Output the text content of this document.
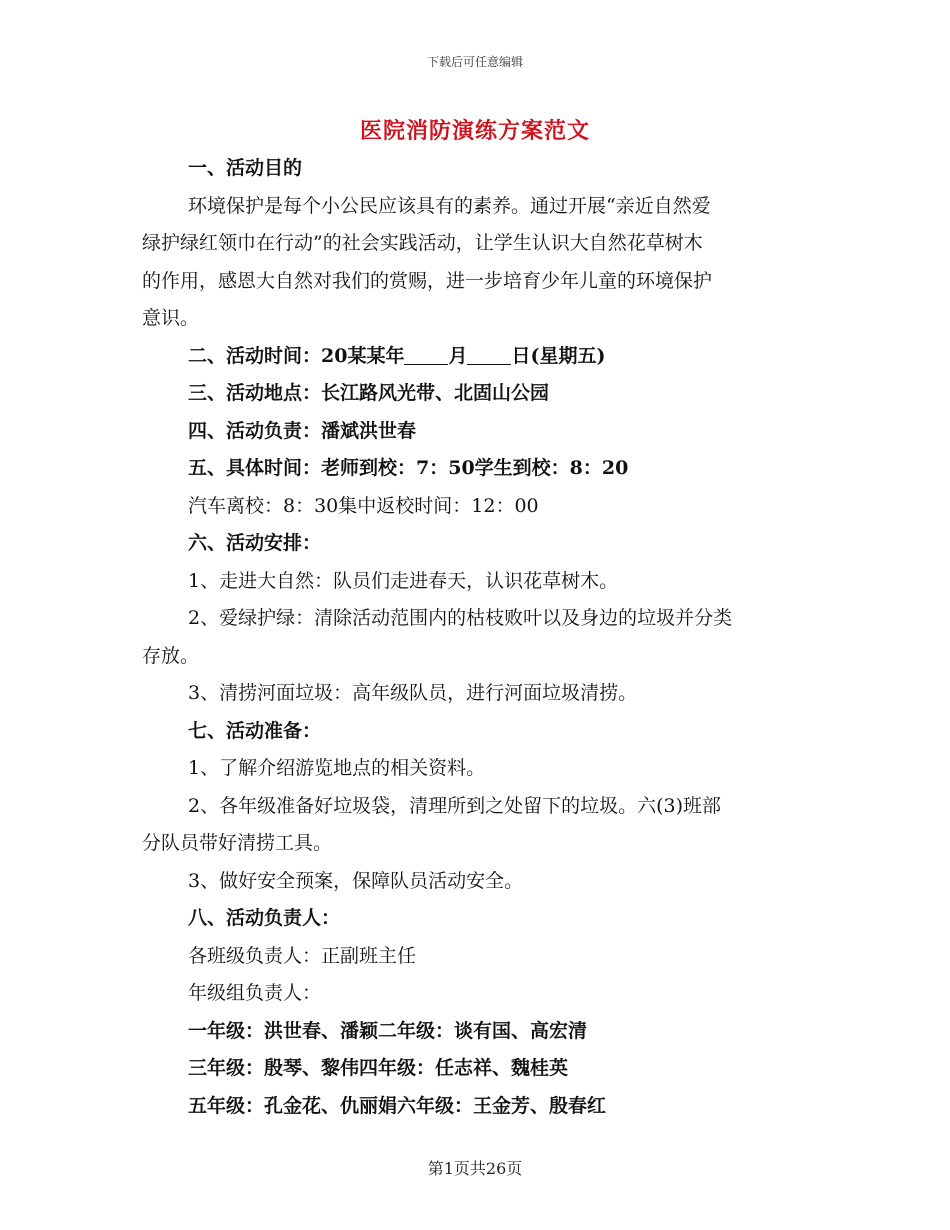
下载后可任意编辑
医院消防演练方案范文
一、活动目的
环境保护是每个小公民应该具有的素养。通过开展“亲近自然爱
绿护绿红领巾在行动”的社会实践活动，让学生认识大自然花草树木
的作用，感恩大自然对我们的赏赐，进一步培育少年儿童的环境保护
意识。
二、活动时间：20某某年 月 日(星期五)
三、活动地点：长江路风光带、北固山公园
四、活动负责：潘斌洪世春
五、具体时间：老师到校：7：50学生到校：8：20
汽车离校：8：30集中返校时间：12：00
六、活动安排：
1、走进大自然：队员们走进春天，认识花草树木。
2、爱绿护绿：清除活动范围内的枯枝败叶以及身边的垃圾并分类
存放。
3、清捞河面垃圾：高年级队员，进行河面垃圾清捞。
七、活动准备：
1、了解介绍游览地点的相关资料。
2、各年级准备好垃圾袋，清理所到之处留下的垃圾。六(3)班部
分队员带好清捞工具。
3、做好安全预案，保障队员活动安全。
八、活动负责人：
各班级负责人：正副班主任
年级组负责人：
一年级：洪世春、潘颖二年级：谈有国、高宏清
三年级：殷琴、黎伟四年级：任志祥、魏桂英
五年级：孔金花、仇丽娟六年级：王金芳、殷春红
第1页共26页
